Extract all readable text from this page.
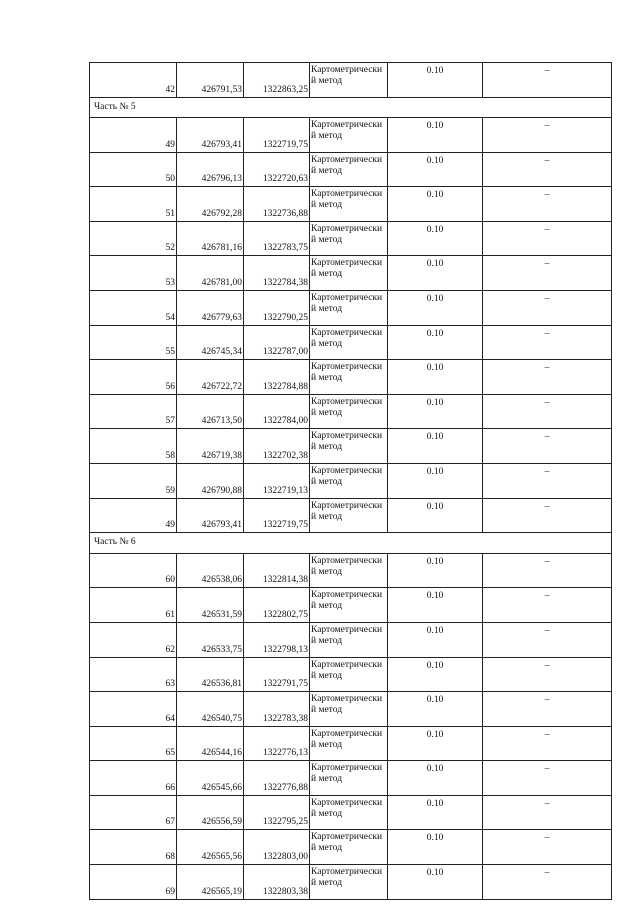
42	426791,53	1322863,25	Картометрический метод	0.10	–
Часть № 5					
49	426793,41	1322719,75	Картометрический метод	0.10	–
50	426796,13	1322720,63	Картометрический метод	0.10	–
51	426792,28	1322736,88	Картометрический метод	0.10	–
52	426781,16	1322783,75	Картометрический метод	0.10	–
53	426781,00	1322784,38	Картометрический метод	0.10	–
54	426779,63	1322790,25	Картометрический метод	0.10	–
55	426745,34	1322787,00	Картометрический метод	0.10	–
56	426722,72	1322784,88	Картометрический метод	0.10	–
57	426713,50	1322784,00	Картометрический метод	0.10	–
58	426719,38	1322702,38	Картометрический метод	0.10	–
59	426790,88	1322719,13	Картометрический метод	0.10	–
49	426793,41	1322719,75	Картометрический метод	0.10	–
Часть № 6					
60	426538,06	1322814,38	Картометрический метод	0.10	–
61	426531,59	1322802,75	Картометрический метод	0.10	–
62	426533,75	1322798,13	Картометрический метод	0.10	–
63	426536,81	1322791,75	Картометрический метод	0.10	–
64	426540,75	1322783,38	Картометрический метод	0.10	–
65	426544,16	1322776,13	Картометрический метод	0.10	–
66	426545,66	1322776,88	Картометрический метод	0.10	–
67	426556,59	1322795,25	Картометрический метод	0.10	–
68	426565,56	1322803,00	Картометрический метод	0.10	–
69	426565,19	1322803,38	Картометрический метод	0.10	–
